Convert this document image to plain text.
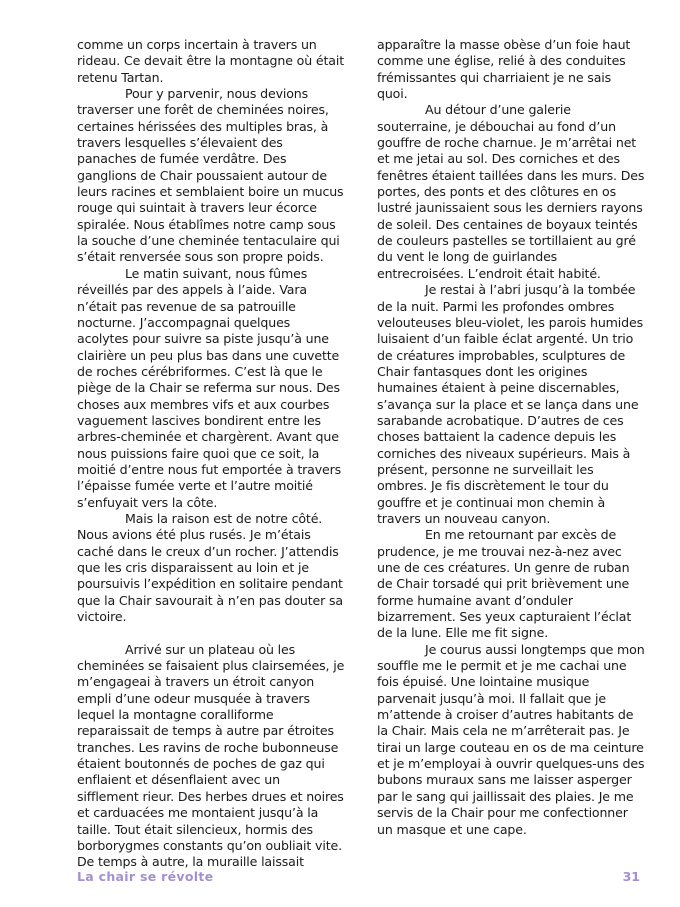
comme un corps incertain à travers un rideau. Ce devait être la montagne où était retenu Tartan.

Pour y parvenir, nous devions traverser une forêt de cheminées noires, certaines hérissées des multiples bras, à travers lesquelles s’élevaient des panaches de fumée verdâtre. Des ganglions de Chair poussaient autour de leurs racines et semblaient boire un mucus rouge qui suintait à travers leur écorce spiralée. Nous établîmes notre camp sous la souche d’une cheminée tentaculaire qui s’était renversée sous son propre poids.

Le matin suivant, nous fûmes réveillés par des appels à l’aide. Vara n’était pas revenue de sa patrouille nocturne. J’accompagnai quelques acolytes pour suivre sa piste jusqu’à une clairière un peu plus bas dans une cuvette de roches cérébriformes. C’est là que le piège de la Chair se referma sur nous. Des choses aux membres vifs et aux courbes vaguement lascives bondirent entre les arbres-cheminée et chargèrent. Avant que nous puissions faire quoi que ce soit, la moitié d’entre nous fut emportée à travers l’épaisse fumée verte et l’autre moitié s’enfuyait vers la côte.

Mais la raison est de notre côté. Nous avions été plus rusés. Je m’étais caché dans le creux d’un rocher. J’attendis que les cris disparaissent au loin et je poursuivis l’expédition en solitaire pendant que la Chair savourait à n’en pas douter sa victoire.

Arrivé sur un plateau où les cheminées se faisaient plus clairsemées, je m’engageai à travers un étroit canyon empli d’une odeur musquée à travers lequel la montagne coralliforme reparaissait de temps à autre par étroites tranches. Les ravins de roche bubonneuse étaient boutonnés de poches de gaz qui enflaient et désenflaient avec un sifflement rieur. Des herbes drues et noires et carduacées me montaient jusqu’à la taille. Tout était silencieux, hormis des borborygmes constants qu’on oubliait vite. De temps à autre, la muraille laissait

apparaître la masse obèse d’un foie haut comme une église, relié à des conduites frémissantes qui charriaient je ne sais quoi.

Au détour d’une galerie souterraine, je débouchai au fond d’un gouffre de roche charnue. Je m’arrêtai net et me jetai au sol. Des corniches et des fenêtres étaient taillées dans les murs. Des portes, des ponts et des clôtures en os lustré jaunissaient sous les derniers rayons de soleil. Des centaines de boyaux teintés de couleurs pastelles se tortillaient au gré du vent le long de guirlandes entrecroisées. L’endroit était habité.

Je restai à l’abri jusqu’à la tombée de la nuit. Parmi les profondes ombres velouteuses bleu-violet, les parois humides luisaient d’un faible éclat argenté. Un trio de créatures improbables, sculptures de Chair fantasques dont les origines humaines étaient à peine discernables, s’avança sur la place et se lança dans une sarabande acrobatique. D’autres de ces choses battaient la cadence depuis les corniches des niveaux supérieurs. Mais à présent, personne ne surveillait les ombres. Je fis discrètement le tour du gouffre et je continuai mon chemin à travers un nouveau canyon.

En me retournant par excès de prudence, je me trouvai nez-à-nez avec une de ces créatures. Un genre de ruban de Chair torsadé qui prit brièvement une forme humaine avant d’onduler bizarrement. Ses yeux capturaient l’éclat de la lune. Elle me fit signe.

Je courus aussi longtemps que mon souffle me le permit et je me cachai une fois épuisé. Une lointaine musique parvenait jusqu’à moi. Il fallait que je m’attende à croiser d’autres habitants de la Chair. Mais cela ne m’arrêterait pas. Je tirai un large couteau en os de ma ceinture et je m’employai à ouvrir quelques-uns des bubons muraux sans me laisser asperger par le sang qui jaillissait des plaies. Je me servis de la Chair pour me confectionner un masque et une cape.

La chair se révolte	31
